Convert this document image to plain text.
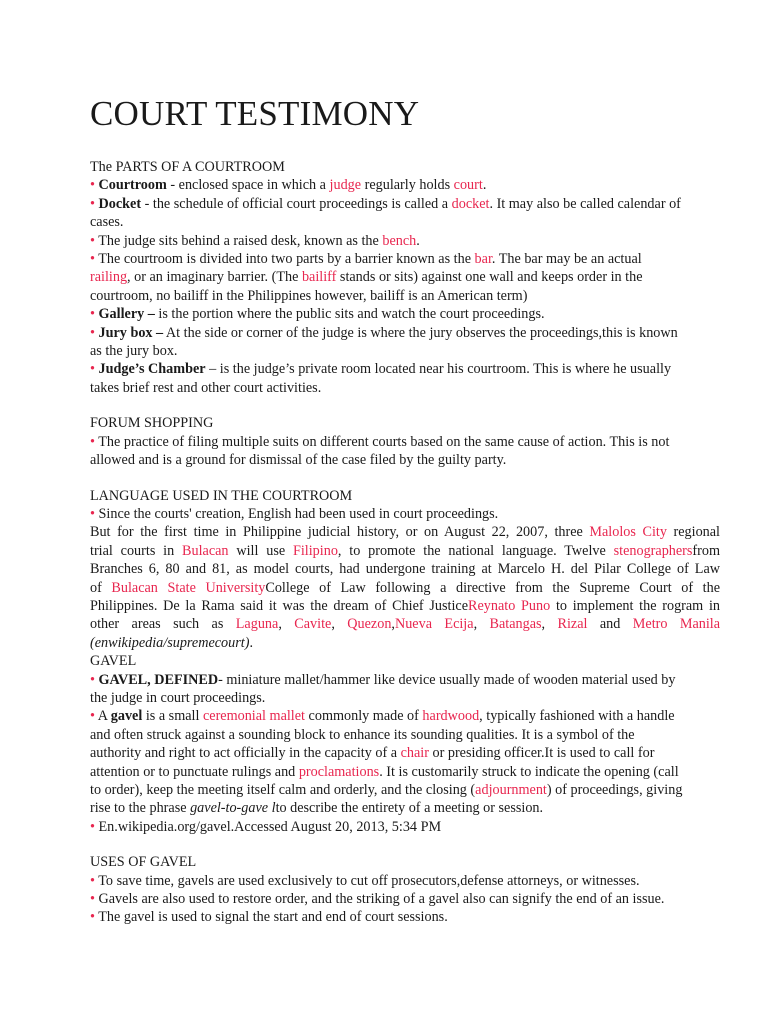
COURT TESTIMONY
The PARTS OF A COURTROOM
• Courtroom - enclosed space in which a judge regularly holds court.
• Docket - the schedule of official court proceedings is called a docket. It may also be called calendar of
cases.
• The judge sits behind a raised desk, known as the bench.
• The courtroom is divided into two parts by a barrier known as the bar. The bar may be an actual
railing, or an imaginary barrier. (The bailiff stands or sits) against one wall and keeps order in the
courtroom, no bailiff in the Philippines however, bailiff is an American term)
• Gallery – is the portion where the public sits and watch the court proceedings.
• Jury box – At the side or corner of the judge is where the jury observes the proceedings,this is known
as the jury box.
• Judge’s Chamber – is the judge’s private room located near his courtroom. This is where he usually
takes brief rest and other court activities.
FORUM SHOPPING
• The practice of filing multiple suits on different courts based on the same cause of action. This is not
allowed and is a ground for dismissal of the case filed by the guilty party.
LANGUAGE USED IN THE COURTROOM
• Since the courts' creation, English had been used in court proceedings.
But for the first time in Philippine judicial history, or on August 22, 2007, three Malolos City regional
trial courts in Bulacan will use Filipino, to promote the national language. Twelve stenographersfrom
Branches 6, 80 and 81, as model courts, had undergone training at Marcelo H. del Pilar College of Law
of Bulacan State UniversityCollege of Law following a directive from the Supreme Court of the
Philippines. De la Rama said it was the dream of Chief JusticeReynato Puno to implement the rogram in
other areas such as Laguna, Cavite, Quezon,Nueva Ecija, Batangas, Rizal and Metro Manila
(enwikipedia/supremecourt).
GAVEL
• GAVEL, DEFINED- miniature mallet/hammer like device usually made of wooden material used by
the judge in court proceedings.
• A gavel is a small ceremonial mallet commonly made of hardwood, typically fashioned with a handle
and often struck against a sounding block to enhance its sounding qualities. It is a symbol of the
authority and right to act officially in the capacity of a chair or presiding officer.It is used to call for
attention or to punctuate rulings and proclamations. It is customarily struck to indicate the opening (call
to order), keep the meeting itself calm and orderly, and the closing (adjournment) of proceedings, giving
rise to the phrase gavel-to-gave lto describe the entirety of a meeting or session.
• En.wikipedia.org/gavel.Accessed August 20, 2013, 5:34 PM
USES OF GAVEL
• To save time, gavels are used exclusively to cut off prosecutors,defense attorneys, or witnesses.
• Gavels are also used to restore order, and the striking of a gavel also can signify the end of an issue.
• The gavel is used to signal the start and end of court sessions.
